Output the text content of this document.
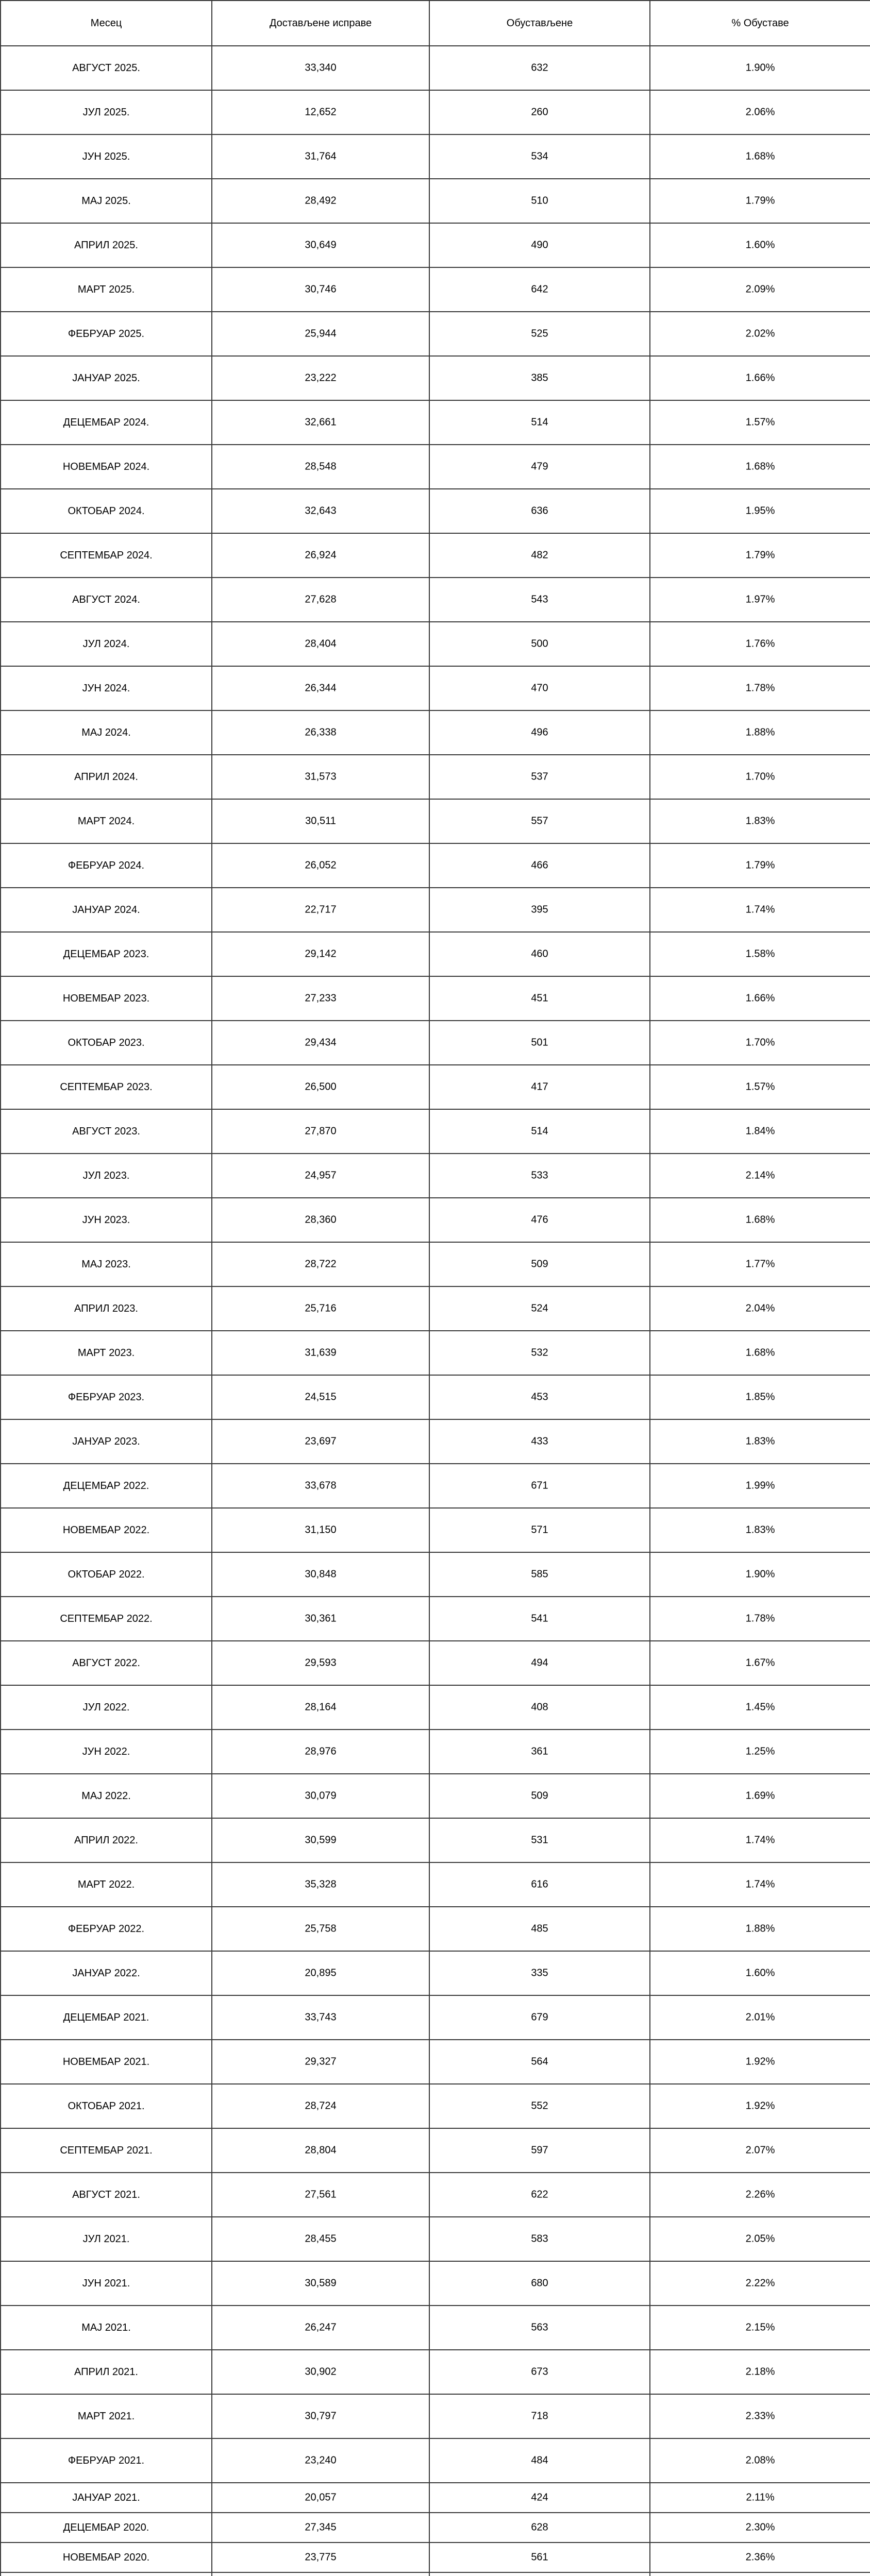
Месец	Достављене исправе	Обустављене	% Обуставе
АВГУСТ 2025.	33,340	632	1.90%

ЈУЛ 2025.	12,652	260	2.06%

ЈУН 2025.	31,764	534	1.68%

МАЈ 2025.	28,492	510	1.79%

АПРИЛ 2025.	30,649	490	1.60%

МАРТ 2025.	30,746	642	2.09%

ФЕБРУАР 2025.	25,944	525	2.02%

ЈАНУАР 2025.	23,222	385	1.66%

ДЕЦЕМБАР 2024.	32,661	514	1.57%

НОВЕМБАР 2024.	28,548	479	1.68%

ОКТОБАР 2024.	32,643	636	1.95%

СЕПТЕМБАР 2024.	26,924	482	1.79%

АВГУСТ 2024.	27,628	543	1.97%

ЈУЛ 2024.	28,404	500	1.76%

ЈУН 2024.	26,344	470	1.78%

МАЈ 2024.	26,338	496	1.88%

АПРИЛ 2024.	31,573	537	1.70%

МАРТ 2024.	30,511	557	1.83%

ФЕБРУАР 2024.	26,052	466	1.79%

ЈАНУАР 2024.	22,717	395	1.74%

ДЕЦЕМБАР 2023.	29,142	460	1.58%

НОВЕМБАР 2023.	27,233	451	1.66%

ОКТОБАР 2023.	29,434	501	1.70%

СЕПТЕМБАР 2023.	26,500	417	1.57%

АВГУСТ 2023.	27,870	514	1.84%

ЈУЛ 2023.	24,957	533	2.14%

ЈУН 2023.	28,360	476	1.68%

МАЈ 2023.	28,722	509	1.77%

АПРИЛ 2023.	25,716	524	2.04%

МАРТ 2023.	31,639	532	1.68%

ФЕБРУАР 2023.	24,515	453	1.85%

ЈАНУАР 2023.	23,697	433	1.83%

ДЕЦЕМБАР 2022.	33,678	671	1.99%

НОВЕМБАР 2022.	31,150	571	1.83%

ОКТОБАР 2022.	30,848	585	1.90%

СЕПТЕМБАР 2022.	30,361	541	1.78%

АВГУСТ 2022.	29,593	494	1.67%

ЈУЛ 2022.	28,164	408	1.45%

ЈУН 2022.	28,976	361	1.25%

МАЈ 2022.	30,079	509	1.69%

АПРИЛ 2022.	30,599	531	1.74%

МАРТ 2022.	35,328	616	1.74%

ФЕБРУАР 2022.	25,758	485	1.88%

ЈАНУАР 2022.	20,895	335	1.60%

ДЕЦЕМБАР 2021.	33,743	679	2.01%

НОВЕМБАР 2021.	29,327	564	1.92%

ОКТОБАР 2021.	28,724	552	1.92%

СЕПТЕМБАР 2021.	28,804	597	2.07%

АВГУСТ 2021.	27,561	622	2.26%

ЈУЛ 2021.	28,455	583	2.05%

ЈУН 2021.	30,589	680	2.22%

МАЈ 2021.	26,247	563	2.15%

АПРИЛ 2021.	30,902	673	2.18%

МАРТ 2021.	30,797	718	2.33%

ФЕБРУАР 2021.	23,240	484	2.08%

ЈАНУАР 2021.	20,057	424	2.11%

ДЕЦЕМБАР 2020.	27,345	628	2.30%

НОВЕМБАР 2020.	23,775	561	2.36%
